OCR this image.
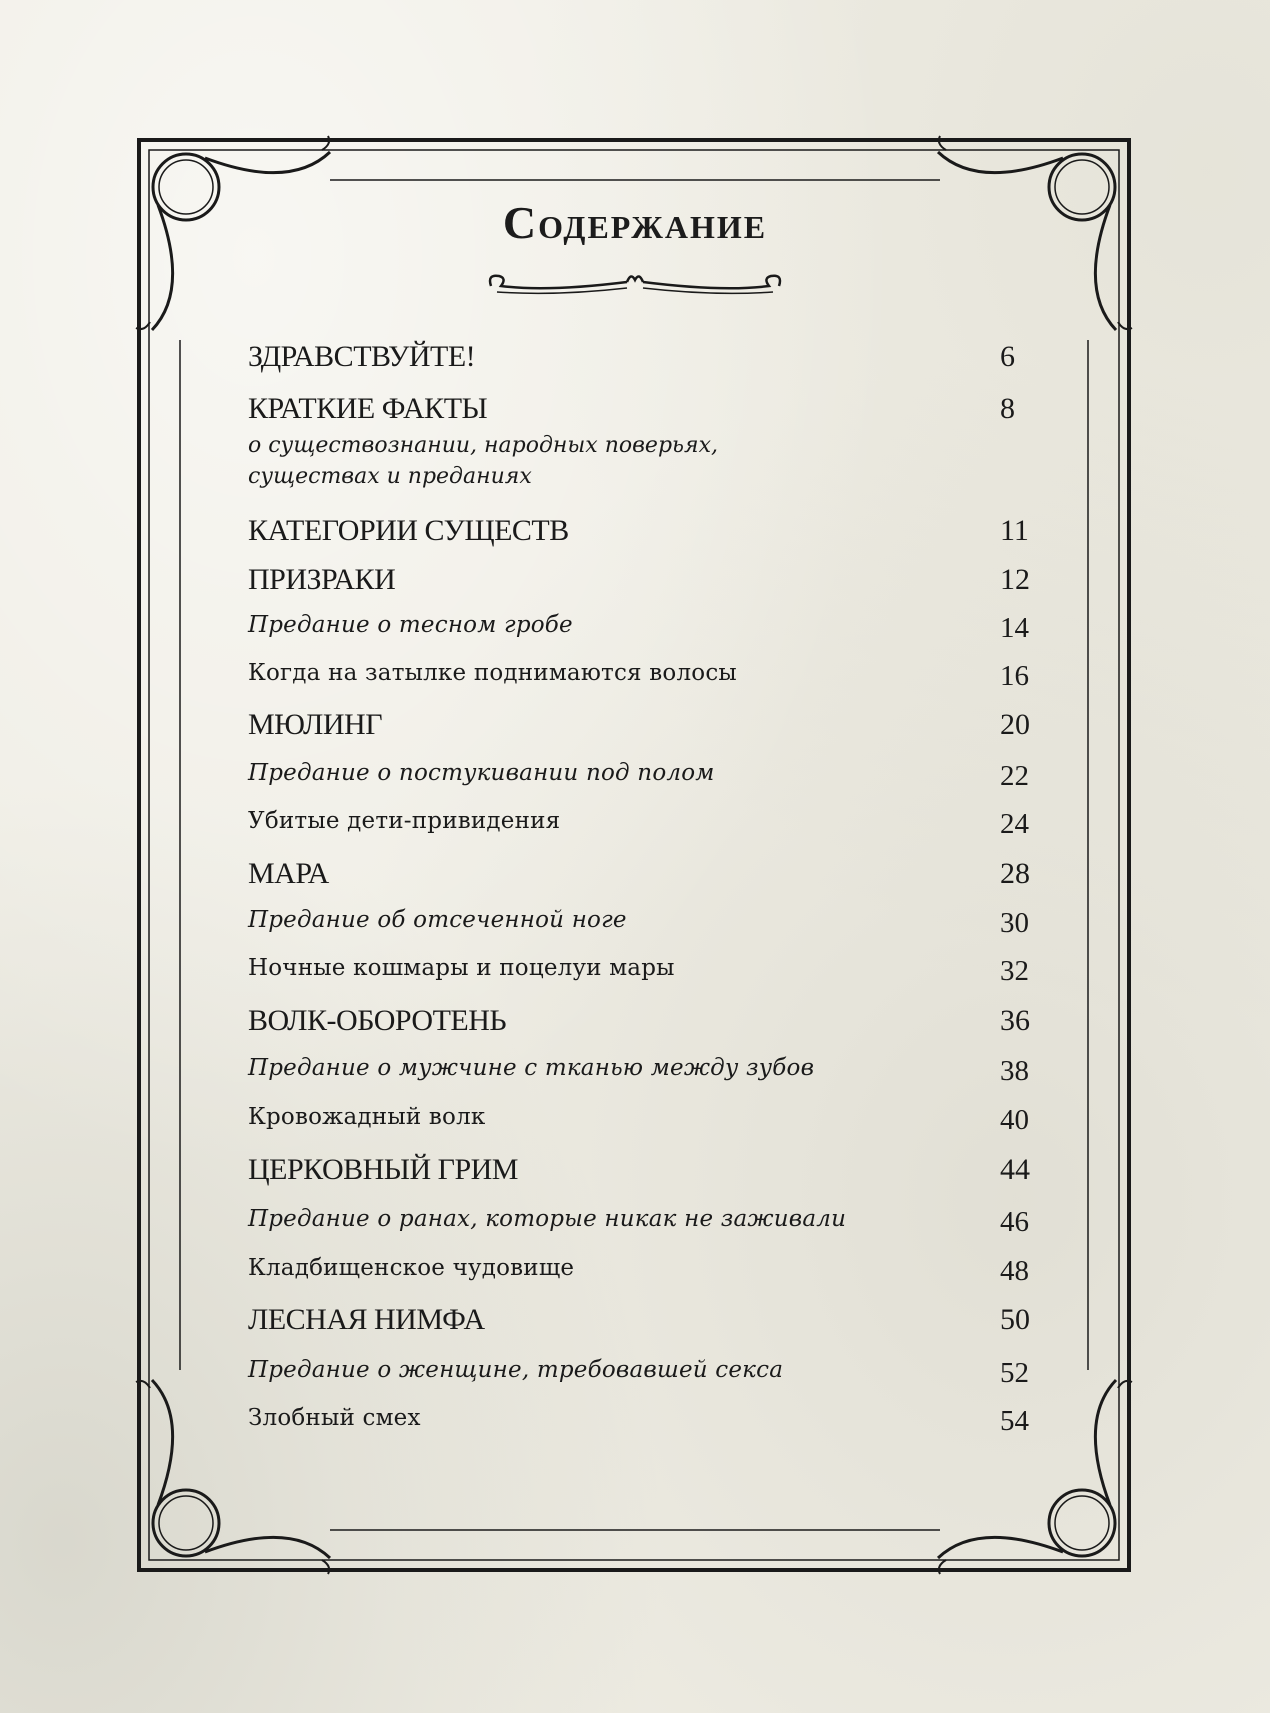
Содержание
ЗДРАВСТВУЙТЕ!	6
КРАТКИЕ ФАКТЫ	8
о существознании, народных поверьях,
существах и преданиях
КАТЕГОРИИ СУЩЕСТВ	11
ПРИЗРАКИ	12
Предание о тесном гробе	14
Когда на затылке поднимаются волосы	16
МЮЛИНГ	20
Предание о постукивании под полом	22
Убитые дети-привидения	24
МАРА	28
Предание об отсеченной ноге	30
Ночные кошмары и поцелуи мары	32
ВОЛК-ОБОРОТЕНЬ	36
Предание о мужчине с тканью между зубов	38
Кровожадный волк	40
ЦЕРКОВНЫЙ ГРИМ	44
Предание о ранах, которые никак не заживали	46
Кладбищенское чудовище	48
ЛЕСНАЯ НИМФА	50
Предание о женщине, требовавшей секса	52
Злобный смех	54
